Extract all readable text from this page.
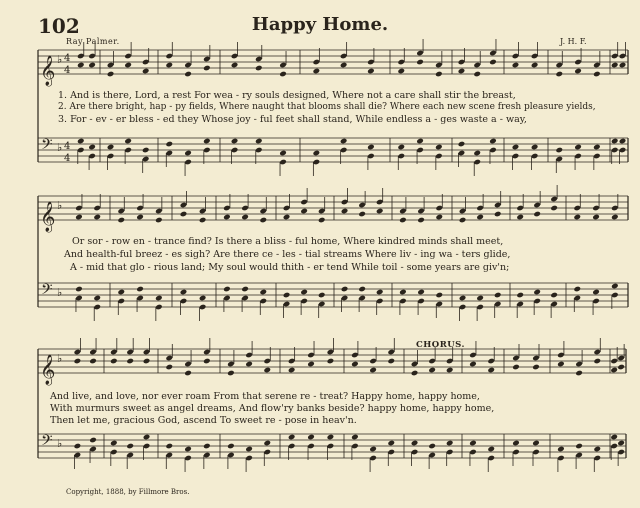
102	Happy Home.
Ray Palmer.	J. H. F.
𝄞 ♭ 4
4
𝄢 ♭ 4
4
𝄞 ♭
𝄢 ♭
𝄞 ♭
𝄢 ♭
1. And is there, Lord, a rest For wea - ry souls designed, Where not a care shall stir the breast,
2. Are there bright, hap - py fields, Where naught that blooms shall die? Where each new scene fresh pleasure yields,
3. For - ev - er bless - ed they Whose joy - ful feet shall stand, While endless a - ges waste a - way,
Or sor - row en - trance find? Is there a bliss - ful home, Where kindred minds shall meet,
And health-ful breez - es sigh? Are there ce - les - tial streams Where liv - ing wa - ters glide,
A - mid that glo - rious land; My soul would thith - er tend While toil - some years are giv'n;
CHORUS.
And live, and love, nor ever roam From that serene re - treat? Happy home, happy home,
With murmurs sweet as angel dreams, And flow'ry banks beside? happy home, happy home,
Then let me, gracious God, ascend To sweet re - pose in heav'n.
Copyright, 1888, by Fillmore Bros.
